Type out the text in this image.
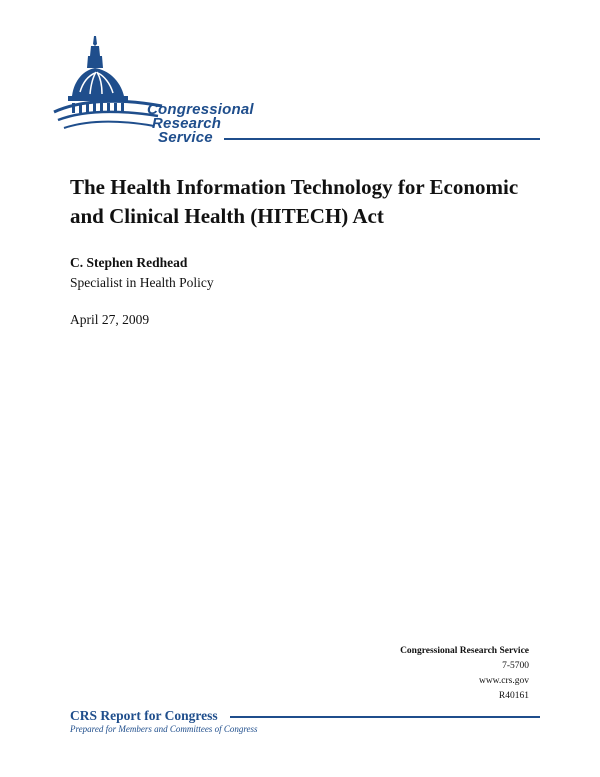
Congressional
Research
Service
The Health Information Technology for Economic and Clinical Health (HITECH) Act
C. Stephen Redhead
Specialist in Health Policy
April 27, 2009
Congressional Research Service
7-5700
www.crs.gov
R40161
CRS Report for Congress
Prepared for Members and Committees of Congress
